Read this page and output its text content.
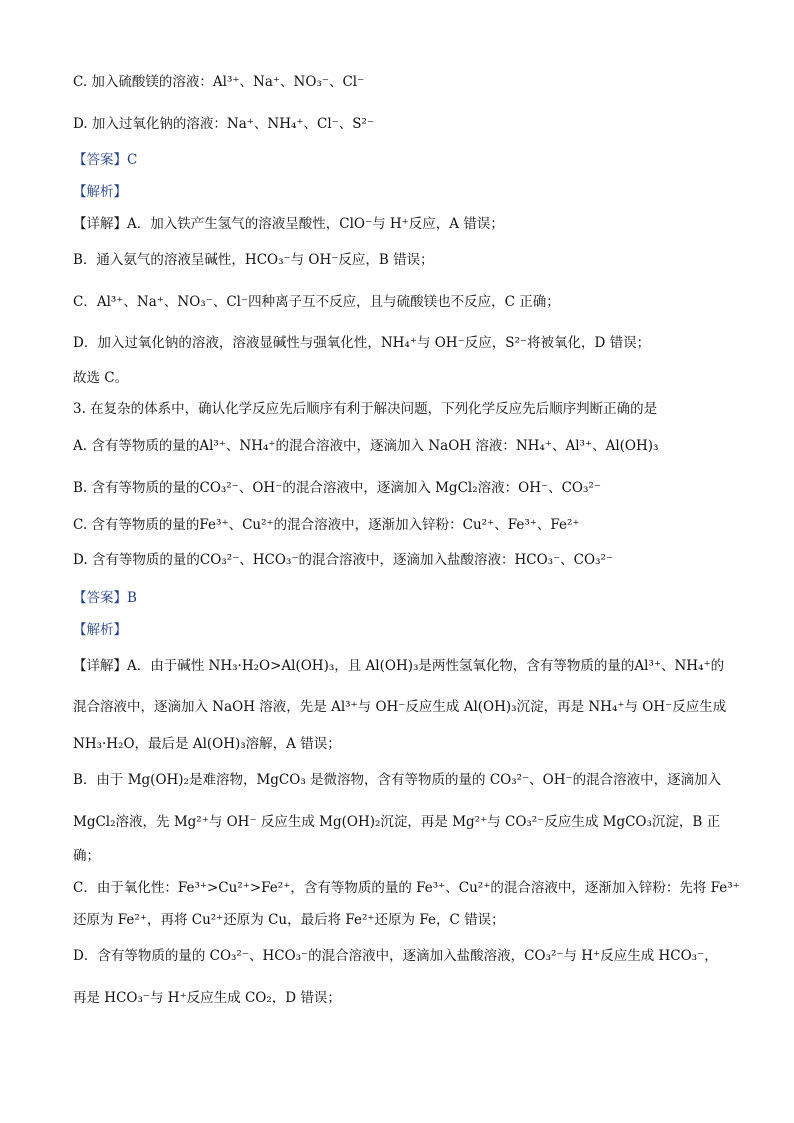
C. 加入硫酸镁的溶液：Al³⁺、Na⁺、NO₃⁻、Cl⁻
D. 加入过氧化钠的溶液：Na⁺、NH₄⁺、Cl⁻、S²⁻
【答案】C
【解析】
【详解】A．加入铁产生氢气的溶液呈酸性，ClO⁻与 H⁺反应，A 错误；
B．通入氨气的溶液呈碱性，HCO₃⁻与 OH⁻反应，B 错误；
C．Al³⁺、Na⁺、NO₃⁻、Cl⁻四种离子互不反应，且与硫酸镁也不反应，C 正确；
D．加入过氧化钠的溶液，溶液显碱性与强氧化性，NH₄⁺与 OH⁻反应，S²⁻将被氧化，D 错误；
故选 C。
3. 在复杂的体系中，确认化学反应先后顺序有利于解决问题，下列化学反应先后顺序判断正确的是
A. 含有等物质的量的Al³⁺、NH₄⁺的混合溶液中，逐滴加入 NaOH 溶液：NH₄⁺、Al³⁺、Al(OH)₃
B. 含有等物质的量的CO₃²⁻、OH⁻的混合溶液中，逐滴加入 MgCl₂溶液：OH⁻、CO₃²⁻
C. 含有等物质的量的Fe³⁺、Cu²⁺的混合溶液中，逐渐加入锌粉：Cu²⁺、Fe³⁺、Fe²⁺
D. 含有等物质的量的CO₃²⁻、HCO₃⁻的混合溶液中，逐滴加入盐酸溶液：HCO₃⁻、CO₃²⁻
【答案】B
【解析】
【详解】A．由于碱性 NH₃·H₂O>Al(OH)₃，且 Al(OH)₃是两性氢氧化物，含有等物质的量的Al³⁺、NH₄⁺的
混合溶液中，逐滴加入 NaOH 溶液，先是 Al³⁺与 OH⁻反应生成 Al(OH)₃沉淀，再是 NH₄⁺与 OH⁻反应生成
NH₃·H₂O，最后是 Al(OH)₃溶解，A 错误；
B．由于 Mg(OH)₂是难溶物，MgCO₃ 是微溶物，含有等物质的量的 CO₃²⁻、OH⁻的混合溶液中，逐滴加入
MgCl₂溶液，先 Mg²⁺与 OH⁻ 反应生成 Mg(OH)₂沉淀，再是 Mg²⁺与 CO₃²⁻反应生成 MgCO₃沉淀，B 正
确；
C．由于氧化性：Fe³⁺>Cu²⁺>Fe²⁺，含有等物质的量的 Fe³⁺、Cu²⁺的混合溶液中，逐渐加入锌粉：先将 Fe³⁺
还原为 Fe²⁺，再将 Cu²⁺还原为 Cu，最后将 Fe²⁺还原为 Fe，C 错误；
D．含有等物质的量的 CO₃²⁻、HCO₃⁻的混合溶液中，逐滴加入盐酸溶液，CO₃²⁻与 H⁺反应生成 HCO₃⁻，
再是 HCO₃⁻与 H⁺反应生成 CO₂，D 错误；
